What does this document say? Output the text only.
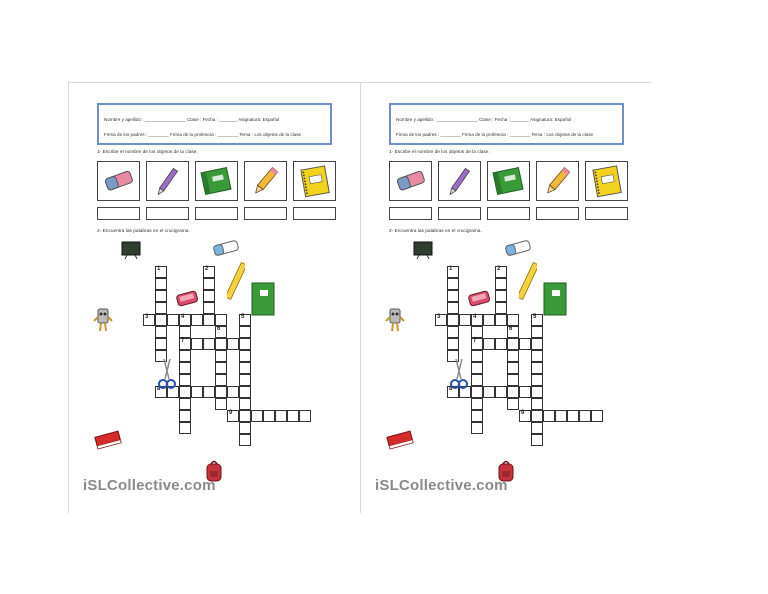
Nombre y apellido : ________________ Clase : Fecha : _______ Asignatura: Español
Firma de los padres : ________ Firma de la profesora : ________ Tema : Los objetos de la clase
1- Escribe el nombre de los objetos de la clase.
2- Encuentra las palabras en el crucigrama.
1	2
3	4	5
6
7
8
9
iSLCollective.com
Nombre y apellido : ________________ Clase : Fecha : _______ Asignatura: Español
Firma de los padres : ________ Firma de la profesora : ________ Tema : Los objetos de la clase
1- Escribe el nombre de los objetos de la clase.
2- Encuentra las palabras en el crucigrama.
1	2
3	4	5
6
7
8
9
iSLCollective.com
